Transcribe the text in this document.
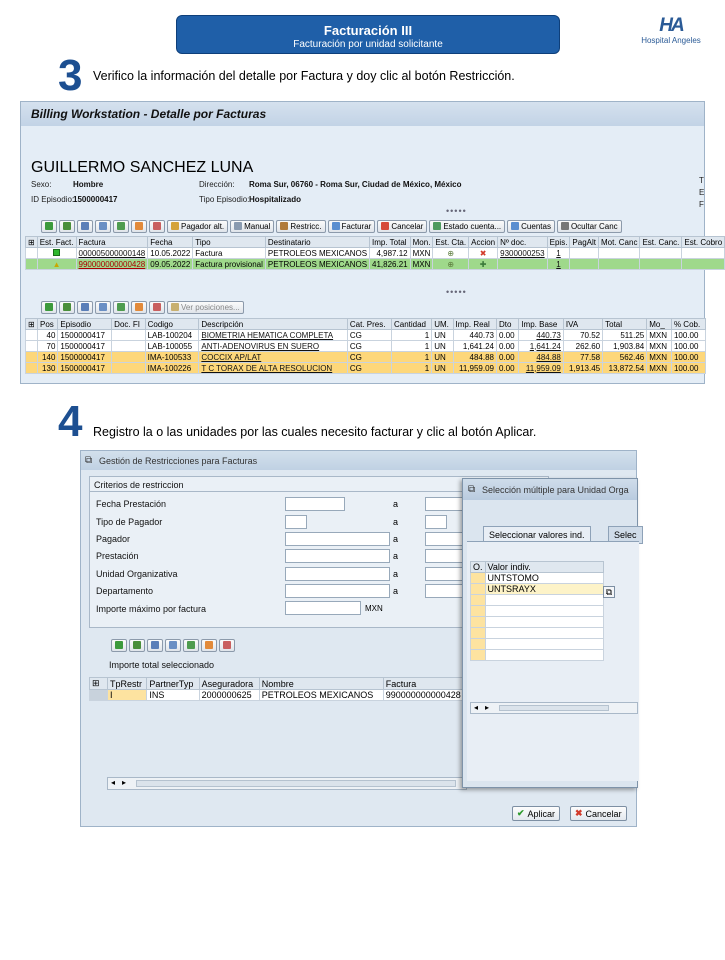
Facturación III
Facturación por unidad solicitante
HA
Hospital Angeles
3 Verifico la información del detalle por Factura y doy clic al botón Restricción.
Billing Workstation - Detalle por Facturas
GUILLERMO SANCHEZ LUNA
Sexo:	Hombre	Dirección: Roma Sur, 06760 - Roma Sur, Ciudad de México, México
ID Episodio:
1500000417	Tipo Episodio: Hospitalizado
T
E
F
•••••
Pagador alt.	Manual	Restricc.	Facturar	Cancelar	Estado cuenta...	Cuentas	Ocultar Canc
⊞	Est. Fact.	Factura	Fecha	Tipo	Destinatario	Imp. Total	Mon.	Est. Cta.	Accion	Nº doc.	Epis.	PagAlt	Mot. Canc	Est. Canc.	Est. Cobro
		000005000000148	10.05.2022	Factura	PETROLEOS MEXICANOS	4,987.12	MXN	⊕	✖	9300000253	1				
	▲	990000000000428	09.05.2022	Factura provisional	PETROLEOS MEXICANOS	41,826.21	MXN	⊕	✚		1				
•••••
Ver posiciones...
⊞	Pos	Episodio	Doc. FI	Codigo	Descripción	Cat. Pres.	Cantidad	UM.	Imp. Real	Dto	Imp. Base	IVA	Total	Mo_	% Cob.
	40	1500000417		LAB-100204	BIOMETRIA HEMATICA COMPLETA	CG	1	UN	440.73	0.00	440.73	70.52	511.25	MXN	100.00
	70	1500000417		LAB-100055	ANTI-ADENOVIRUS EN SUERO	CG	1	UN	1,641.24	0.00	1,641.24	262.60	1,903.84	MXN	100.00
	140	1500000417		IMA-100533	COCCIX AP/LAT	CG	1	UN	484.88	0.00	484.88	77.58	562.46	MXN	100.00
	130	1500000417		IMA-100226	T C TORAX DE ALTA RESOLUCION	CG	1	UN	11,959.09	0.00	11,959.09	1,913.45	13,872.54	MXN	100.00
4 Registro la o las unidades por las cuales necesito facturar y clic al botón Aplicar.
⧉ Gestión de Restricciones para Facturas
Criterios de restriccion
Fecha Prestación	a
Tipo de Pagador	a
Pagador	a
Prestación	a
Unidad Organizativa	a
Departamento	a
Importe máximo por factura	MXN
Importe total seleccionado
⊞	TpRestr	PartnerTyp	Aseguradora	Nombre	Factura
	I	INS	2000000625	PETROLEOS MEXICANOS	990000000000428
◂ ▸
✔ Aplicar ✖ Cancelar
⧉ Selección múltiple para Unidad Orga
Seleccionar valores ind.	Selec
O.	Valor indiv.
	UNTSTOMO
	UNTSRAYX

		⧉
◂ ▸
